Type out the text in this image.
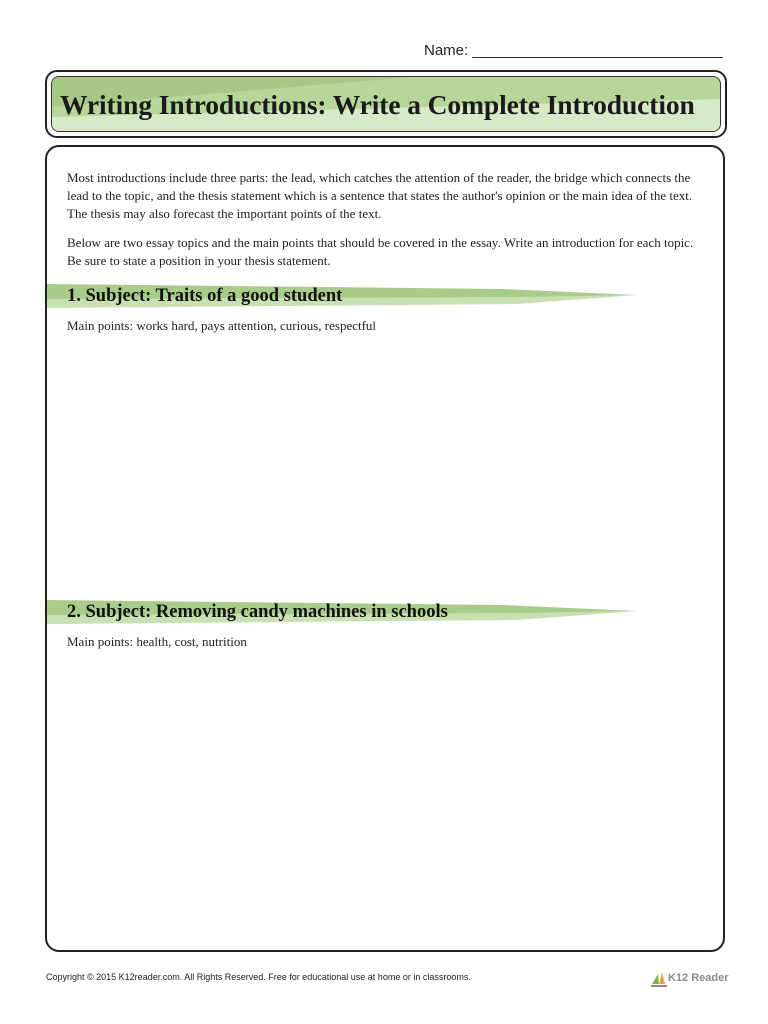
Name: ______________________________
Writing Introductions: Write a Complete Introduction

Most introductions include three parts: the lead, which catches the attention of the reader, the bridge which connects the lead to the topic, and the thesis statement which is a sentence that states the author's opinion or the main idea of the text. The thesis may also forecast the important points of the text.

Below are two essay topics and the main points that should be covered in the essay. Write an introduction for each topic. Be sure to state a position in your thesis statement.

1. Subject: Traits of a good student
Main points: works hard, pays attention, curious, respectful
2. Subject: Removing candy machines in schools
Main points: health, cost, nutrition
Copyright © 2015 K12reader.com. All Rights Reserved. Free for educational use at home or in classrooms.	K12 Reader
